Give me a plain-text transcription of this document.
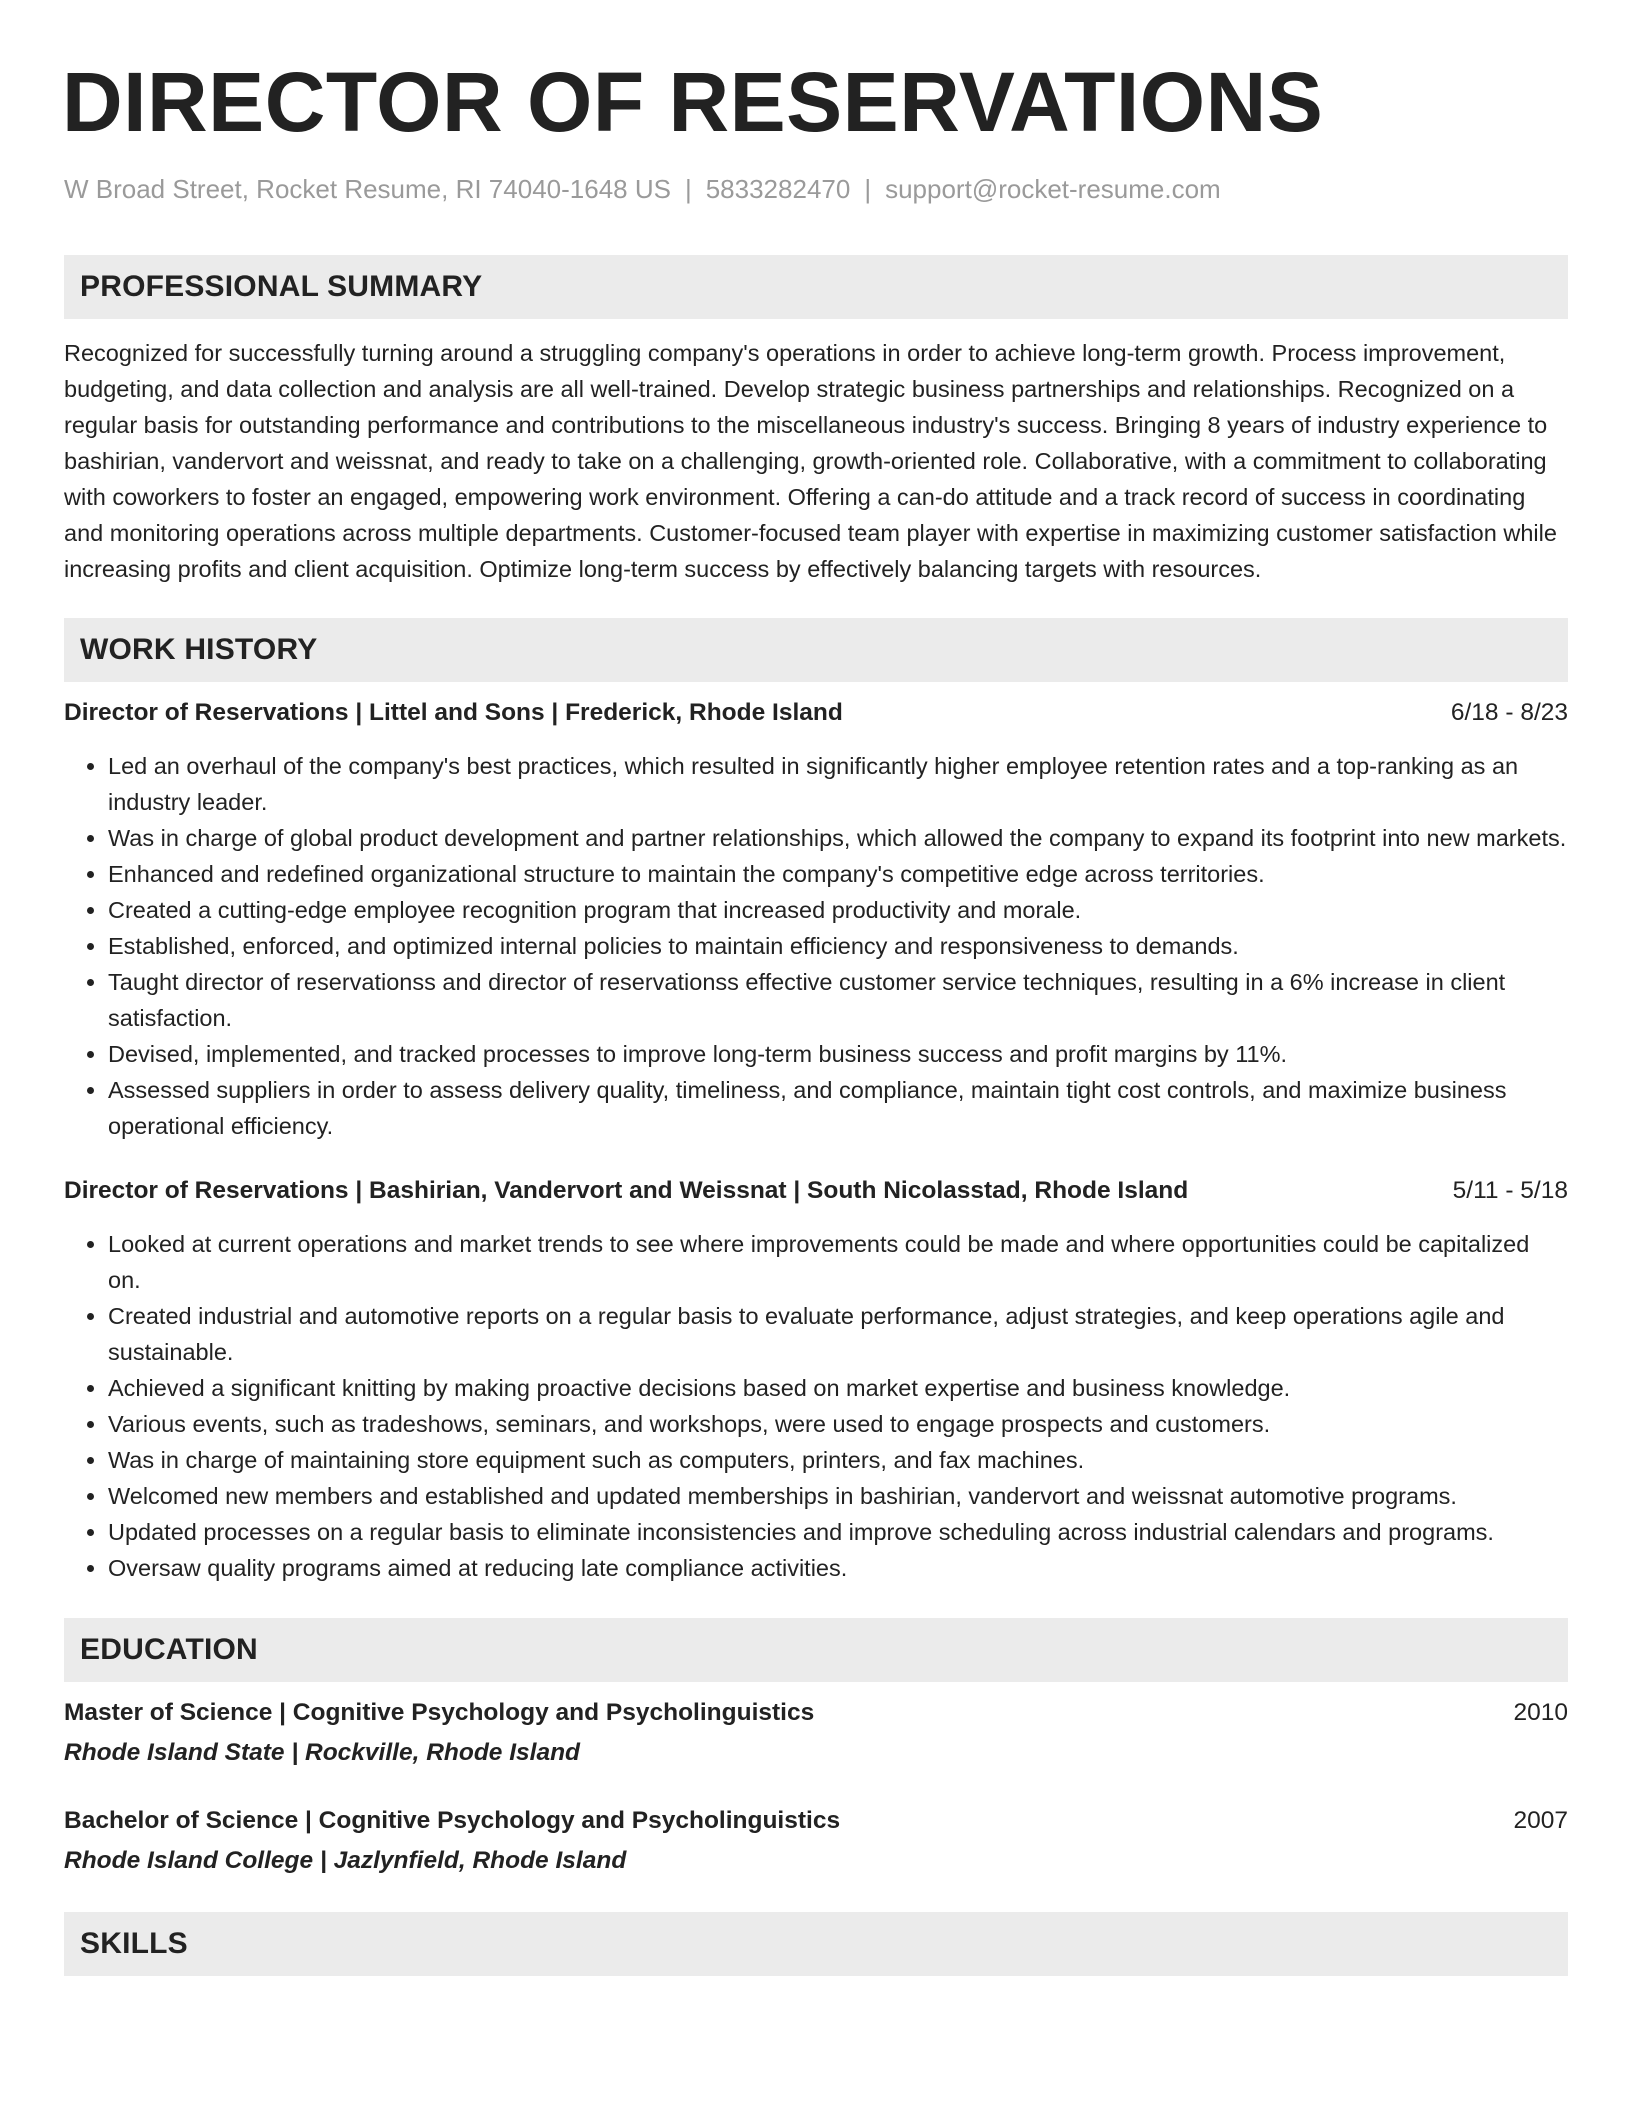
DIRECTOR OF RESERVATIONS
W Broad Street, Rocket Resume, RI 74040-1648 US | 5833282470 | support@rocket-resume.com
PROFESSIONAL SUMMARY
Recognized for successfully turning around a struggling company's operations in order to achieve long-term growth. Process improvement, budgeting, and data collection and analysis are all well-trained. Develop strategic business partnerships and relationships. Recognized on a regular basis for outstanding performance and contributions to the miscellaneous industry's success. Bringing 8 years of industry experience to bashirian, vandervort and weissnat, and ready to take on a challenging, growth-oriented role. Collaborative, with a commitment to collaborating with coworkers to foster an engaged, empowering work environment. Offering a can-do attitude and a track record of success in coordinating and monitoring operations across multiple departments. Customer-focused team player with expertise in maximizing customer satisfaction while increasing profits and client acquisition. Optimize long-term success by effectively balancing targets with resources.
WORK HISTORY
Director of Reservations | Littel and Sons | Frederick, Rhode Island	6/18 - 8/23
• Led an overhaul of the company's best practices, which resulted in significantly higher employee retention rates and a top-ranking as an industry leader.
• Was in charge of global product development and partner relationships, which allowed the company to expand its footprint into new markets.
• Enhanced and redefined organizational structure to maintain the company's competitive edge across territories.
• Created a cutting-edge employee recognition program that increased productivity and morale.
• Established, enforced, and optimized internal policies to maintain efficiency and responsiveness to demands.
• Taught director of reservationss and director of reservationss effective customer service techniques, resulting in a 6% increase in client satisfaction.
• Devised, implemented, and tracked processes to improve long-term business success and profit margins by 11%.
• Assessed suppliers in order to assess delivery quality, timeliness, and compliance, maintain tight cost controls, and maximize business operational efficiency.
Director of Reservations | Bashirian, Vandervort and Weissnat | South Nicolasstad, Rhode Island	5/11 - 5/18
• Looked at current operations and market trends to see where improvements could be made and where opportunities could be capitalized on.
• Created industrial and automotive reports on a regular basis to evaluate performance, adjust strategies, and keep operations agile and sustainable.
• Achieved a significant knitting by making proactive decisions based on market expertise and business knowledge.
• Various events, such as tradeshows, seminars, and workshops, were used to engage prospects and customers.
• Was in charge of maintaining store equipment such as computers, printers, and fax machines.
• Welcomed new members and established and updated memberships in bashirian, vandervort and weissnat automotive programs.
• Updated processes on a regular basis to eliminate inconsistencies and improve scheduling across industrial calendars and programs.
• Oversaw quality programs aimed at reducing late compliance activities.
EDUCATION
Master of Science | Cognitive Psychology and Psycholinguistics	2010
Rhode Island State | Rockville, Rhode Island
Bachelor of Science | Cognitive Psychology and Psycholinguistics	2007
Rhode Island College | Jazlynfield, Rhode Island
SKILLS
